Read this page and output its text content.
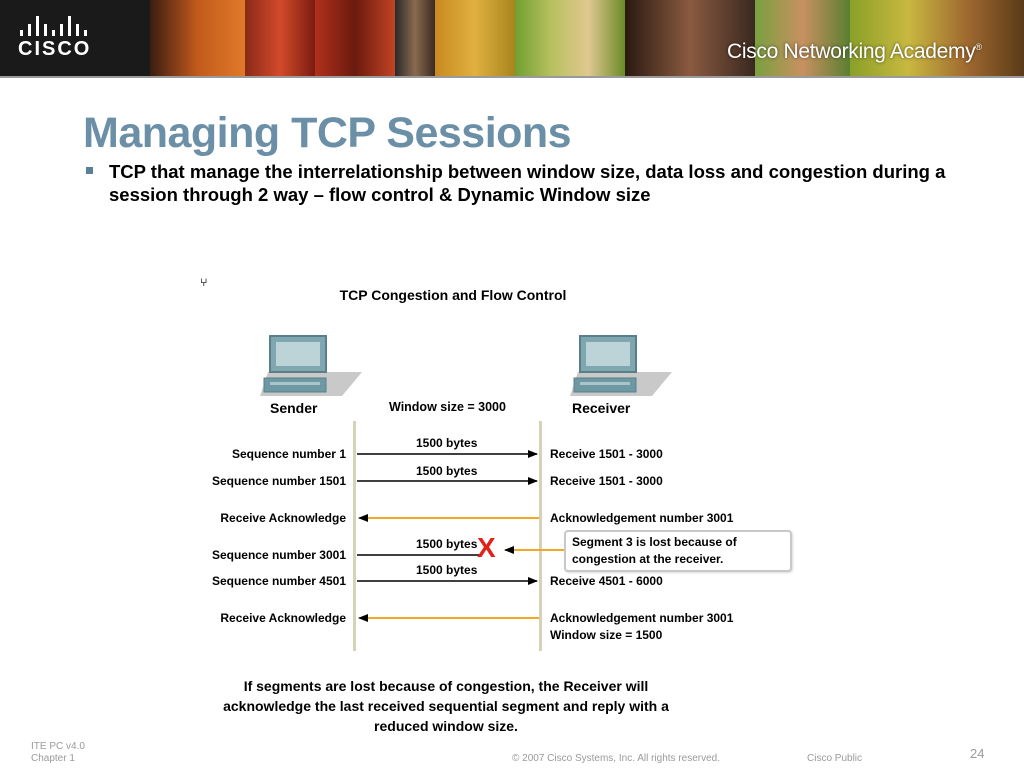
CISCO	Cisco Networking Academy®
Managing TCP Sessions
TCP that manage the interrelationship between window size, data loss and congestion during a session through 2 way – flow control & Dynamic Window size
ⵖ
TCP Congestion and Flow Control
Sender	Receiver
Window size = 3000
Sequence number 1
1500 bytes
Receive 1501 - 3000
Sequence number 1501
1500 bytes
Receive 1501 - 3000
Receive Acknowledge	Acknowledgement number 3001
Sequence number 3001
1500 bytes X
Sequence number 4501
1500 bytes
Receive 4501 - 6000
Receive Acknowledge	Acknowledgement number 3001
Window size = 1500
Segment 3 is lost because of congestion at the receiver.
If segments are lost because of congestion, the Receiver will acknowledge the last received sequential segment and reply with a reduced window size.
ITE PC v4.0
Chapter 1	© 2007 Cisco Systems, Inc. All rights reserved.	Cisco Public	24
